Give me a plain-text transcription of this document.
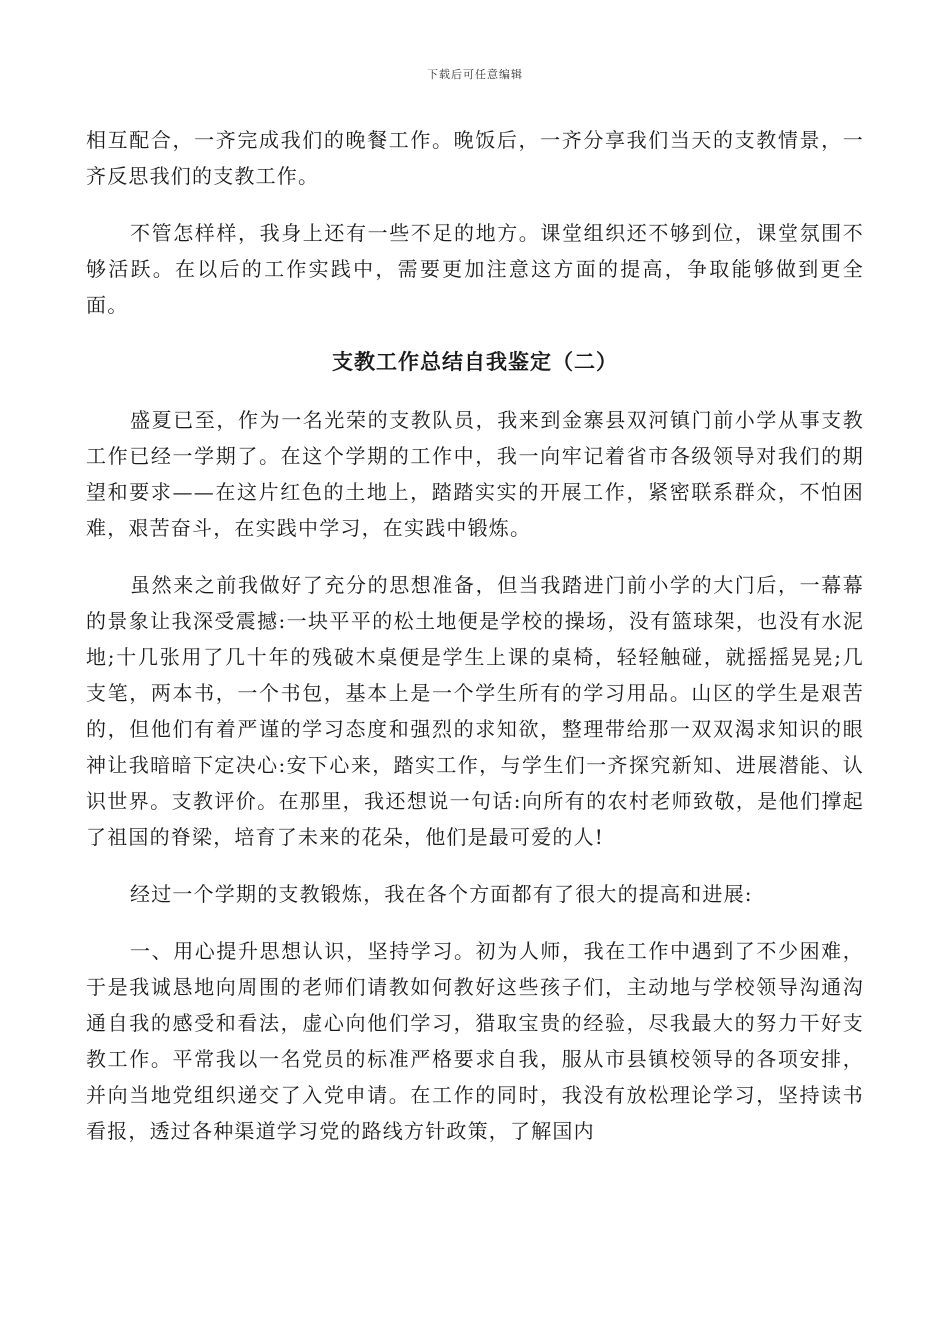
下载后可任意编辑

相互配合，一齐完成我们的晚餐工作。晚饭后，一齐分享我们当天的支教情景，一齐反思我们的支教工作。

不管怎样样，我身上还有一些不足的地方。课堂组织还不够到位，课堂氛围不够活跃。在以后的工作实践中，需要更加注意这方面的提高，争取能够做到更全面。

支教工作总结自我鉴定（二）

盛夏已至，作为一名光荣的支教队员，我来到金寨县双河镇门前小学从事支教工作已经一学期了。在这个学期的工作中，我一向牢记着省市各级领导对我们的期望和要求——在这片红色的土地上，踏踏实实的开展工作，紧密联系群众，不怕困难，艰苦奋斗，在实践中学习，在实践中锻炼。

虽然来之前我做好了充分的思想准备，但当我踏进门前小学的大门后，一幕幕的景象让我深受震撼:一块平平的松土地便是学校的操场，没有篮球架，也没有水泥地;十几张用了几十年的残破木桌便是学生上课的桌椅，轻轻触碰，就摇摇晃晃;几支笔，两本书，一个书包，基本上是一个学生所有的学习用品。山区的学生是艰苦的，但他们有着严谨的学习态度和强烈的求知欲，整理带给那一双双渴求知识的眼神让我暗暗下定决心:安下心来，踏实工作，与学生们一齐探究新知、进展潜能、认识世界。支教评价。在那里，我还想说一句话:向所有的农村老师致敬，是他们撑起了祖国的脊梁，培育了未来的花朵，他们是最可爱的人!

经过一个学期的支教锻炼，我在各个方面都有了很大的提高和进展:

一、用心提升思想认识，坚持学习。初为人师，我在工作中遇到了不少困难，于是我诚恳地向周围的老师们请教如何教好这些孩子们，主动地与学校领导沟通沟通自我的感受和看法，虚心向他们学习，猎取宝贵的经验，尽我最大的努力干好支教工作。平常我以一名党员的标准严格要求自我，服从市县镇校领导的各项安排，并向当地党组织递交了入党申请。在工作的同时，我没有放松理论学习，坚持读书看报，透过各种渠道学习党的路线方针政策，了解国内
